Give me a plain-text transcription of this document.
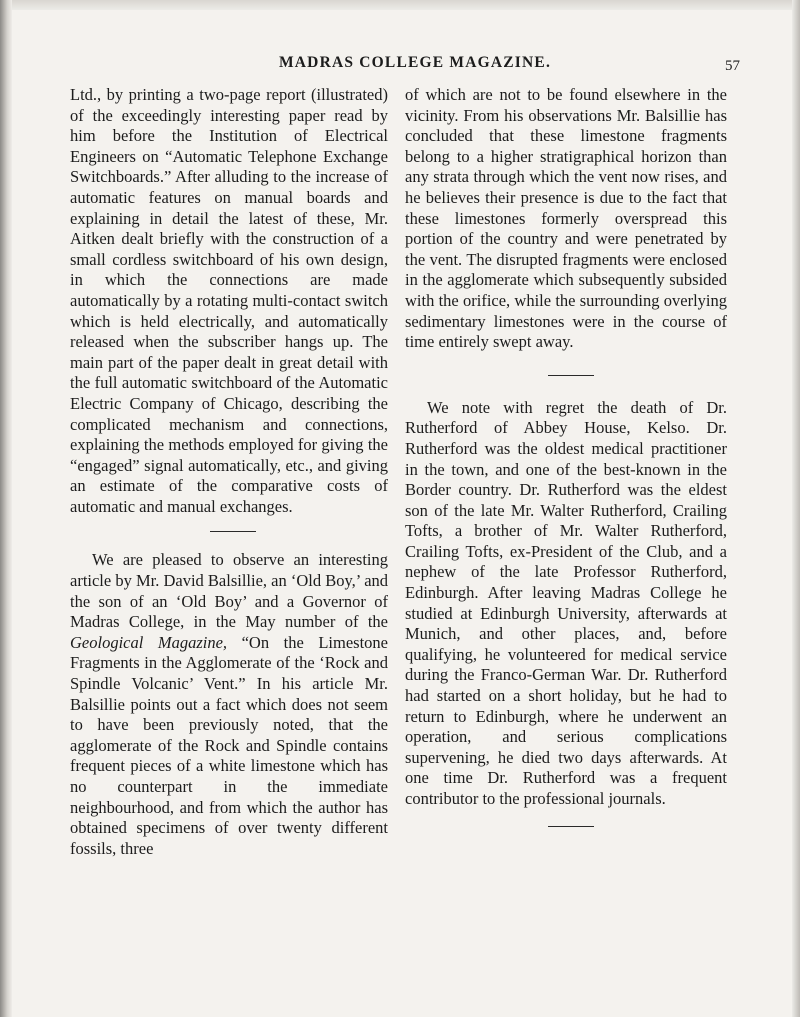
MADRAS COLLEGE MAGAZINE.	57

Ltd., by printing a two-page report (illustrated) of the exceedingly interesting paper read by him before the Institution of Electrical Engineers on “Automatic Telephone Exchange Switchboards.” After alluding to the increase of automatic features on manual boards and explaining in detail the latest of these, Mr. Aitken dealt briefly with the construction of a small cordless switchboard of his own design, in which the connections are made automatically by a rotating multi-contact switch which is held electrically, and automatically released when the subscriber hangs up. The main part of the paper dealt in great detail with the full automatic switchboard of the Automatic Electric Company of Chicago, describing the complicated mechanism and connections, explaining the methods employed for giving the “engaged” signal automatically, etc., and giving an estimate of the comparative costs of automatic and manual exchanges.

We are pleased to observe an interesting article by Mr. David Balsillie, an ‘Old Boy,’ and the son of an ‘Old Boy’ and a Governor of Madras College, in the May number of the Geological Magazine, “On the Limestone Fragments in the Agglomerate of the ‘Rock and Spindle Volcanic’ Vent.” In his article Mr. Balsillie points out a fact which does not seem to have been previously noted, that the agglomerate of the Rock and Spindle contains frequent pieces of a white limestone which has no counterpart in the immediate neighbourhood, and from which the author has obtained specimens of over twenty different fossils, three

of which are not to be found elsewhere in the vicinity. From his observations Mr. Balsillie has concluded that these limestone fragments belong to a higher stratigraphical horizon than any strata through which the vent now rises, and he believes their presence is due to the fact that these limestones formerly overspread this portion of the country and were penetrated by the vent. The disrupted fragments were enclosed in the agglomerate which subsequently subsided with the orifice, while the surrounding overlying sedimentary limestones were in the course of time entirely swept away.

We note with regret the death of Dr. Rutherford of Abbey House, Kelso. Dr. Rutherford was the oldest medical practitioner in the town, and one of the best-known in the Border country. Dr. Rutherford was the eldest son of the late Mr. Walter Rutherford, Crailing Tofts, a brother of Mr. Walter Rutherford, Crailing Tofts, ex-President of the Club, and a nephew of the late Professor Rutherford, Edinburgh. After leaving Madras College he studied at Edinburgh University, afterwards at Munich, and other places, and, before qualifying, he volunteered for medical service during the Franco-German War. Dr. Rutherford had started on a short holiday, but he had to return to Edinburgh, where he underwent an operation, and serious complications supervening, he died two days afterwards. At one time Dr. Rutherford was a frequent contributor to the professional journals.
